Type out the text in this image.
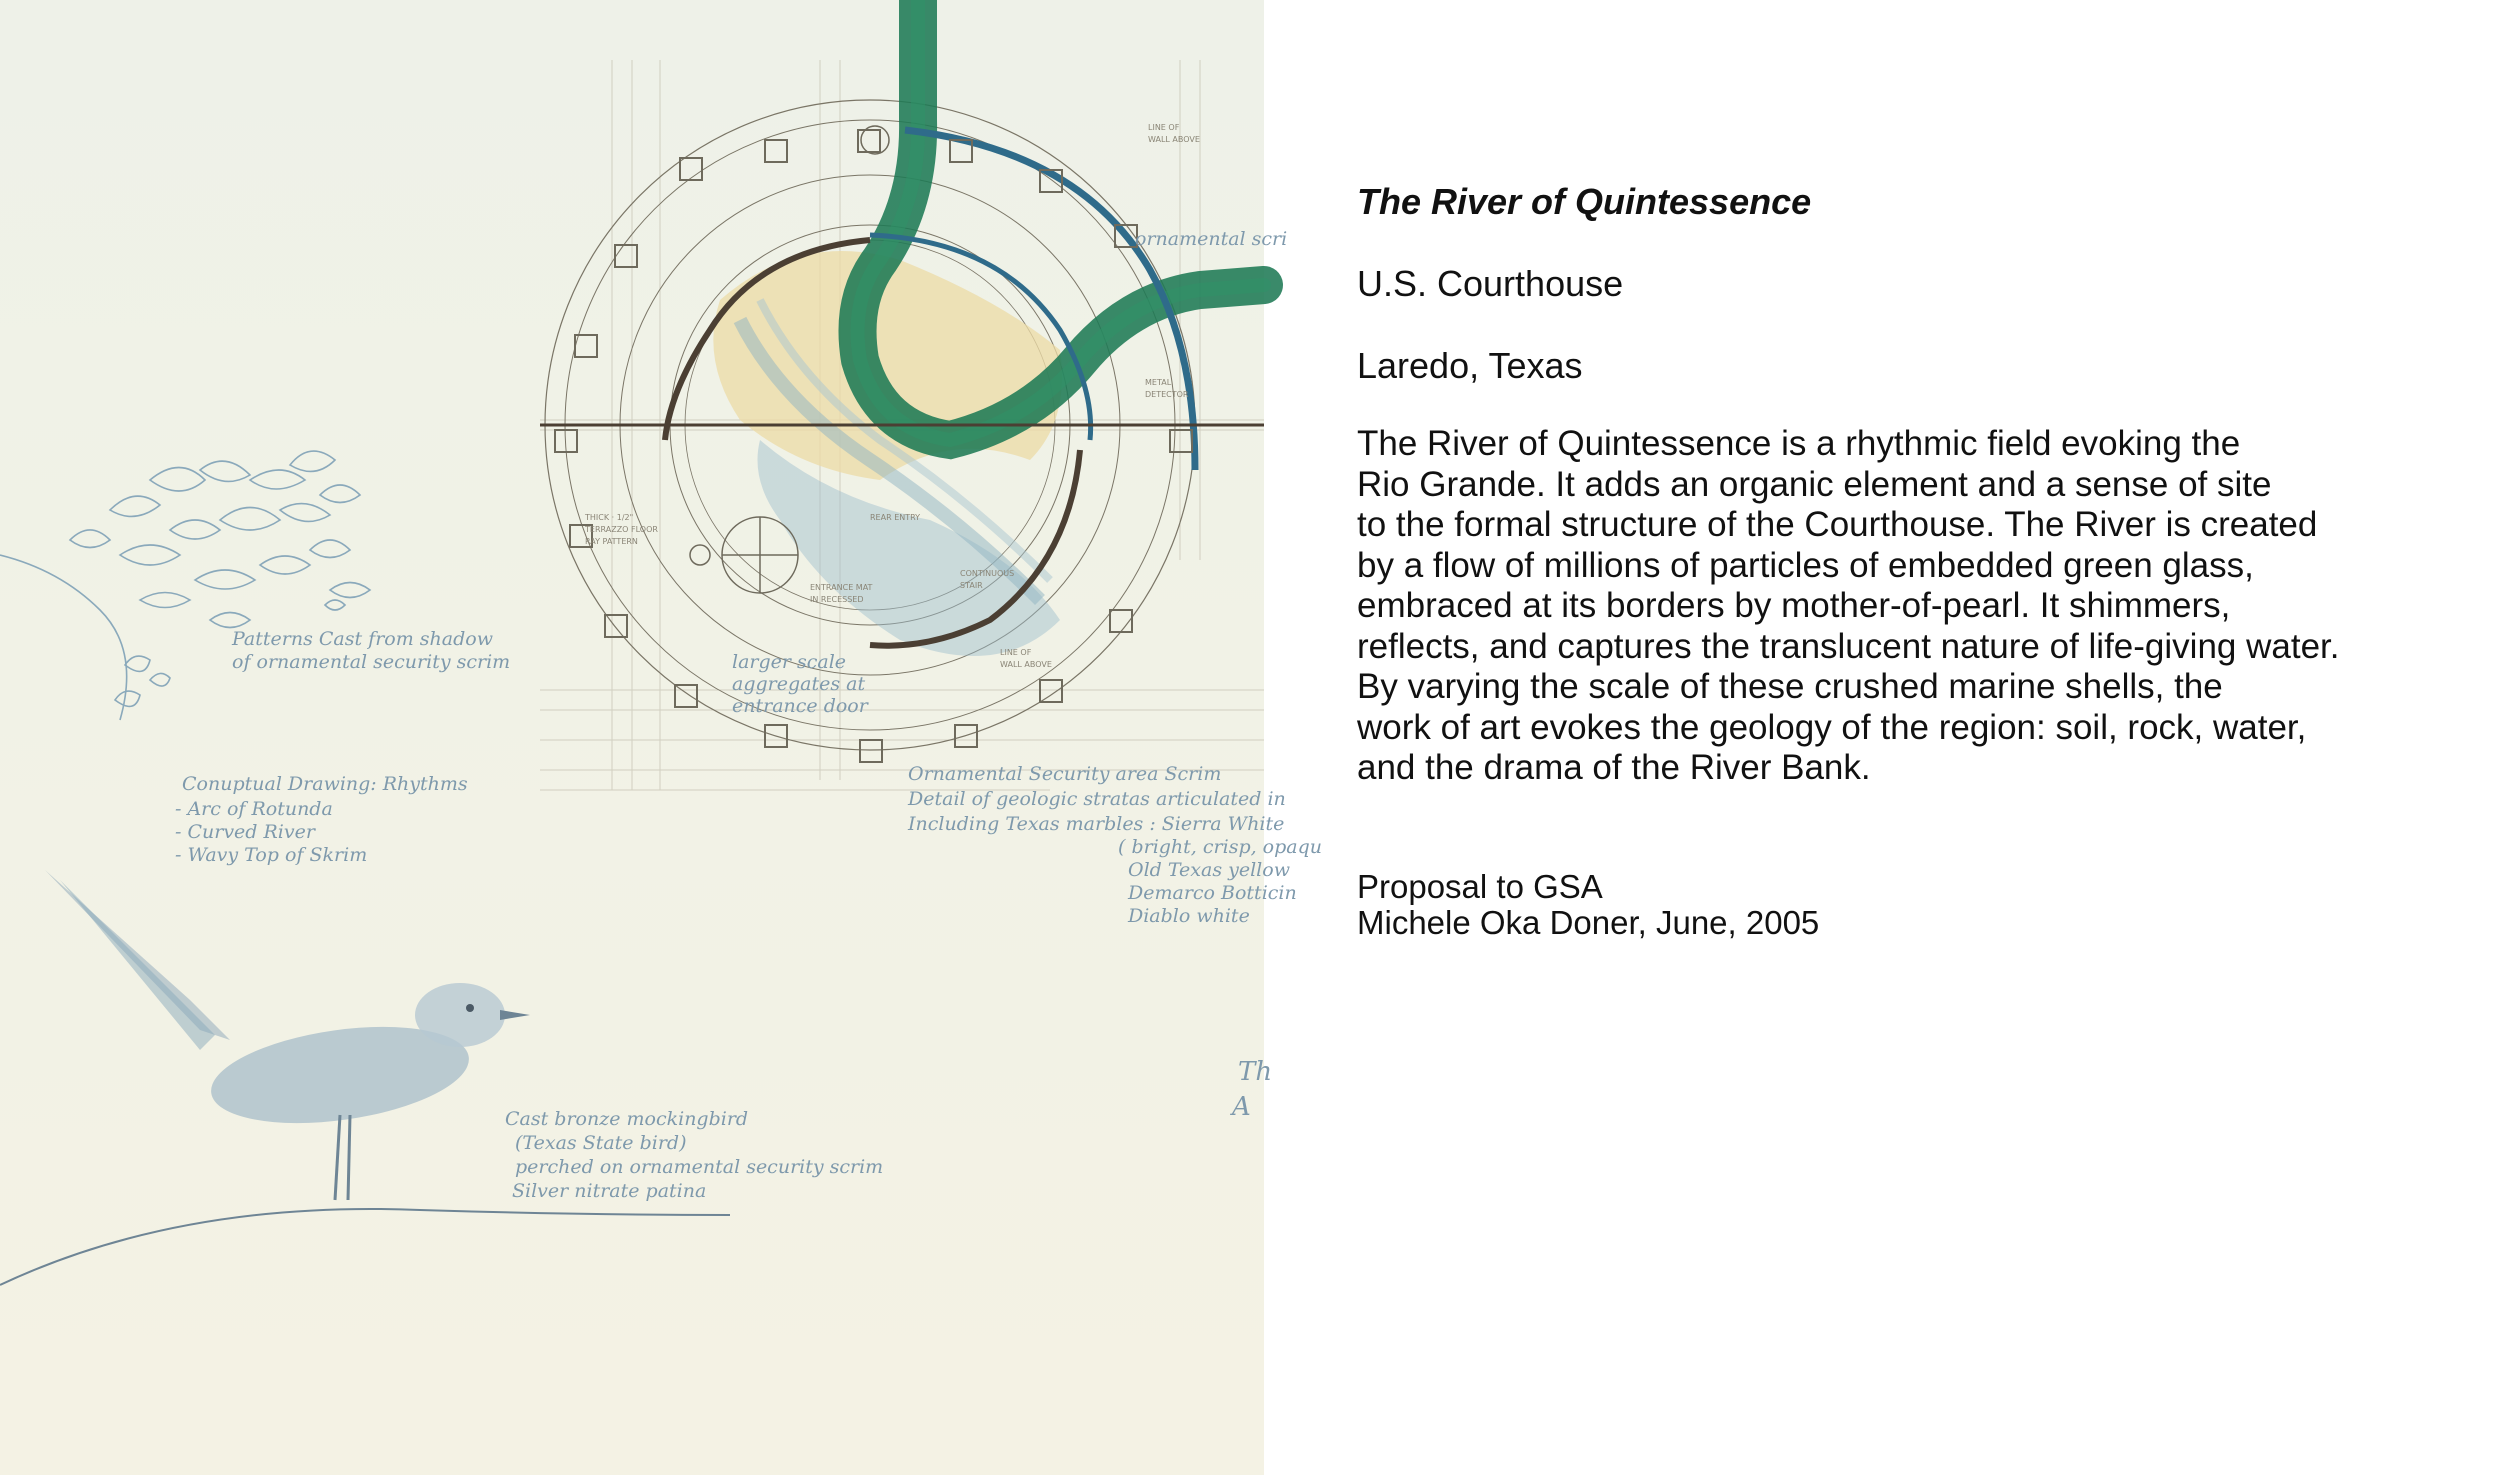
THICK · 1/2"
TERRAZZO FLOOR
RAY PATTERN
ENTRANCE MAT
IN RECESSED
REAR ENTRY
CONTINUOUS
STAIR
LINE OF
WALL ABOVE
LINE OF
WALL ABOVE
METAL
DETECTOR
Patterns Cast from shadow
of ornamental security scrim
Conuptual Drawing: Rhythms
- Arc of Rotunda
- Curved River
- Wavy Top of Skrim
ornamental scri
larger scale
aggregates at
entrance door
Ornamental Security area Scrim
Detail of geologic stratas articulated in
Including Texas marbles : Sierra White
( bright, crisp, opaqu
Old Texas yellow
Demarco Botticin
Diablo white
Cast bronze mockingbird
(Texas State bird)
perched on ornamental security scrim
Silver nitrate patina
Th
A

The River of Quintessence

U.S. Courthouse

Laredo, Texas

The River of Quintessence is a rhythmic field evoking the
Rio Grande. It adds an organic element and a sense of site
to the formal structure of the Courthouse. The River is created
by a flow of millions of particles of embedded green glass,
embraced at its borders by mother-of-pearl. It shimmers,
reflects, and captures the translucent nature of life-giving water.
By varying the scale of these crushed marine shells, the
work of art evokes the geology of the region: soil, rock, water,
and the drama of the River Bank.

Proposal to GSA

Michele Oka Doner, June, 2005
